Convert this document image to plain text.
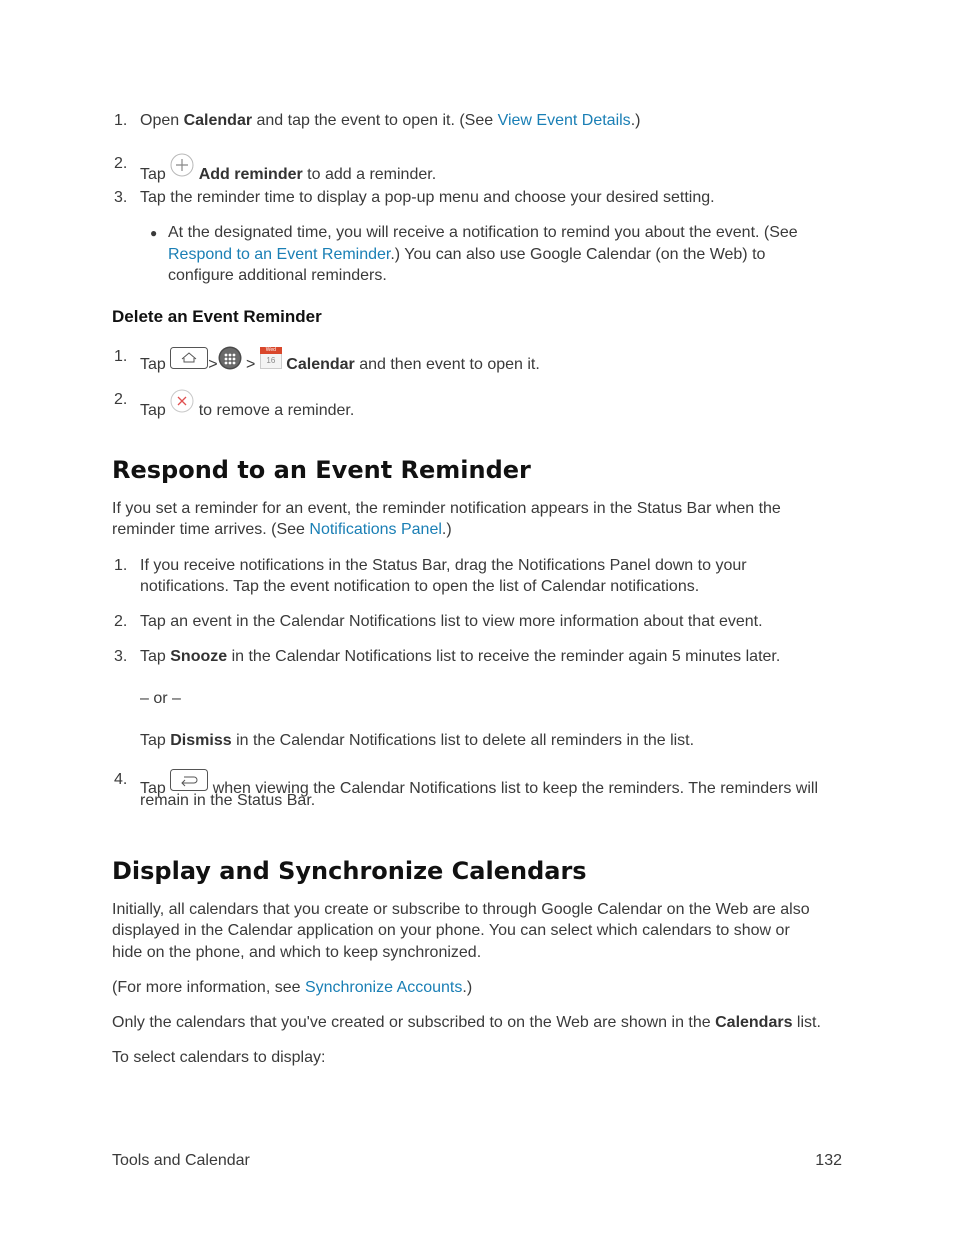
1. Open Calendar and tap the event to open it. (See View Event Details.)
2.
Tap  Add reminder to add a reminder.
3. Tap the reminder time to display a pop-up menu and choose your desired setting.
● At the designated time, you will receive a notification to remind you about the event. (See
Respond to an Event Reminder.) You can also use Google Calendar (on the Web) to
configure additional reminders.
Delete an Event Reminder
1. Tap > >
Wed
16 Calendar and then event to open it.
2.
Tap  to remove a reminder.
Respond to an Event Reminder
If you set a reminder for an event, the reminder notification appears in the Status Bar when the
reminder time arrives. (See Notifications Panel.)
1. If you receive notifications in the Status Bar, drag the Notifications Panel down to your
notifications. Tap the event notification to open the list of Calendar notifications.
2. Tap an event in the Calendar Notifications list to view more information about that event.
3. Tap Snooze in the Calendar Notifications list to receive the reminder again 5 minutes later.
– or –
Tap Dismiss in the Calendar Notifications list to delete all reminders in the list.
4.
Tap  when viewing the Calendar Notifications list to keep the reminders. The reminders will
remain in the Status Bar.
Display and Synchronize Calendars
Initially, all calendars that you create or subscribe to through Google Calendar on the Web are also
displayed in the Calendar application on your phone. You can select which calendars to show or
hide on the phone, and which to keep synchronized.
(For more information, see Synchronize Accounts.)
Only the calendars that you've created or subscribed to on the Web are shown in the Calendars list.
To select calendars to display:
Tools and Calendar	132
